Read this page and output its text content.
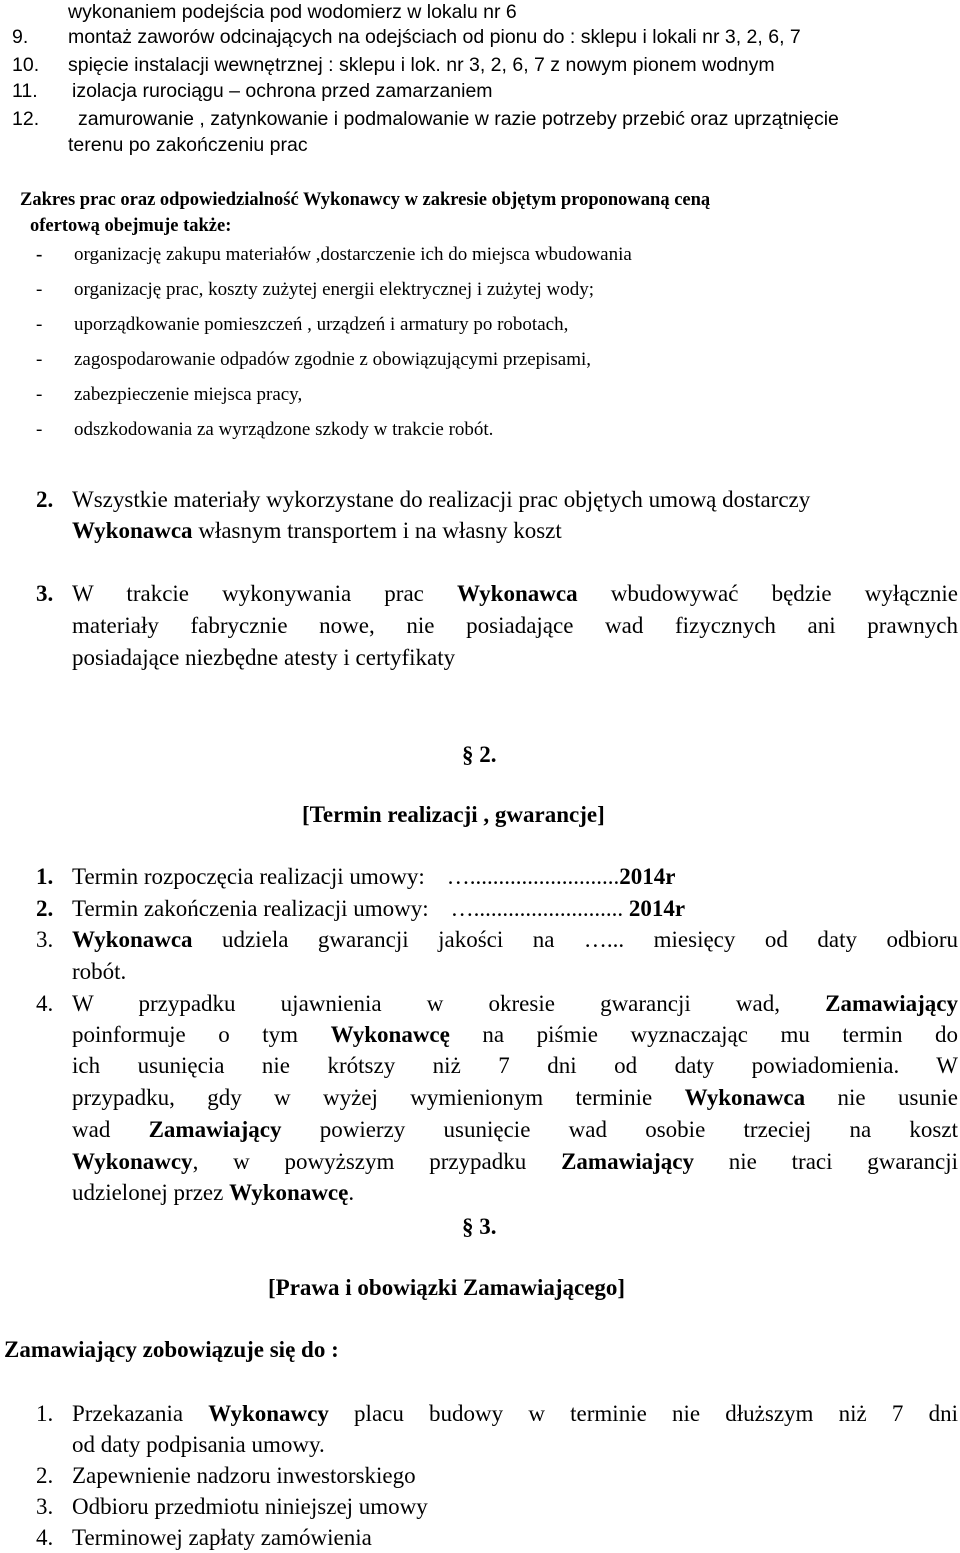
wykonaniem podejścia pod wodomierz w lokalu nr 6
9. montaż zaworów odcinających na odejściach od pionu do : sklepu i lokali nr 3, 2, 6, 7
10. spięcie instalacji wewnętrznej : sklepu i lok. nr 3, 2, 6, 7 z nowym pionem wodnym
11. izolacja rurociągu – ochrona przed zamarzaniem
12. zamurowanie , zatynkowanie i podmalowanie w razie potrzeby przebić oraz uprzątnięcie
terenu po zakończeniu prac
Zakres prac oraz odpowiedzialność Wykonawcy w zakresie objętym proponowaną ceną
ofertową obejmuje także:
- organizację zakupu materiałów ,dostarczenie ich do miejsca wbudowania
- organizację prac, koszty zużytej energii elektrycznej i zużytej wody;
- uporządkowanie pomieszczeń , urządzeń i armatury po robotach,
- zagospodarowanie odpadów zgodnie z obowiązującymi przepisami,
- zabezpieczenie miejsca pracy,
- odszkodowania za wyrządzone szkody w trakcie robót.
2. Wszystkie materiały wykorzystane do realizacji prac objętych umową dostarczy
Wykonawca własnym transportem i na własny koszt
3. W trakcie wykonywania prac Wykonawca wbudowywać będzie wyłącznie
materiały fabrycznie nowe, nie posiadające wad fizycznych ani prawnych
posiadające niezbędne atesty i certyfikaty
§ 2.
[Termin realizacji , gwarancje]
1. Termin rozpoczęcia realizacji umowy: …..........................2014r
2. Termin zakończenia realizacji umowy: ….......................... 2014r
3. Wykonawca udziela gwarancji jakości na …... miesięcy od daty odbioru
robót.
4. W przypadku ujawnienia w okresie gwarancji wad, Zamawiający
poinformuje o tym Wykonawcę na piśmie wyznaczając mu termin do
ich usunięcia nie krótszy niż 7 dni od daty powiadomienia. W
przypadku, gdy w wyżej wymienionym terminie Wykonawca nie usunie
wad Zamawiający powierzy usunięcie wad osobie trzeciej na koszt
Wykonawcy, w powyższym przypadku Zamawiający nie traci gwarancji
udzielonej przez Wykonawcę.
§ 3.
[Prawa i obowiązki Zamawiającego]
Zamawiający zobowiązuje się do :
1. Przekazania Wykonawcy placu budowy w terminie nie dłuższym niż 7 dni
od daty podpisania umowy.
2. Zapewnienie nadzoru inwestorskiego
3. Odbioru przedmiotu niniejszej umowy
4. Terminowej zapłaty zamówienia
